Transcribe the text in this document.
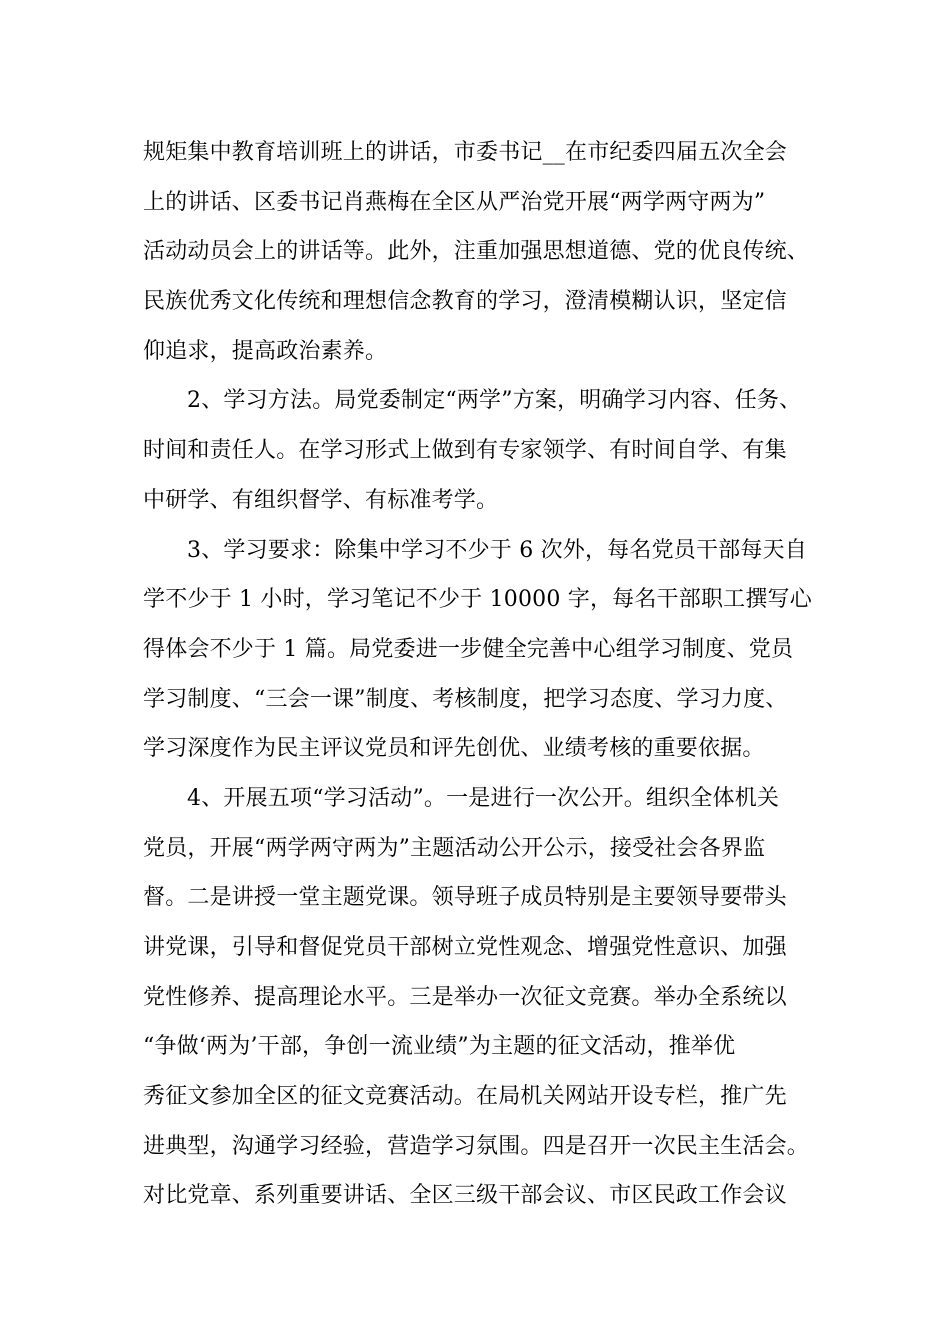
规矩集中教育培训班上的讲话，市委书记__在市纪委四届五次全会
上的讲话、区委书记肖燕梅在全区从严治党开展“两学两守两为”
活动动员会上的讲话等。此外，注重加强思想道德、党的优良传统、
民族优秀文化传统和理想信念教育的学习，澄清模糊认识，坚定信
仰追求，提高政治素养。
2、学习方法。局党委制定“两学”方案，明确学习内容、任务、
时间和责任人。在学习形式上做到有专家领学、有时间自学、有集
中研学、有组织督学、有标准考学。
3、学习要求：除集中学习不少于 6 次外，每名党员干部每天自
学不少于 1 小时，学习笔记不少于 10000 字，每名干部职工撰写心
得体会不少于 1 篇。局党委进一步健全完善中心组学习制度、党员
学习制度、“三会一课”制度、考核制度，把学习态度、学习力度、
学习深度作为民主评议党员和评先创优、业绩考核的重要依据。
4、开展五项“学习活动”。一是进行一次公开。组织全体机关
党员，开展“两学两守两为”主题活动公开公示，接受社会各界监
督。二是讲授一堂主题党课。领导班子成员特别是主要领导要带头
讲党课，引导和督促党员干部树立党性观念、增强党性意识、加强
党性修养、提高理论水平。三是举办一次征文竞赛。举办全系统以
“争做‘两为’干部，争创一流业绩”为主题的征文活动，推举优
秀征文参加全区的征文竞赛活动。在局机关网站开设专栏，推广先
进典型，沟通学习经验，营造学习氛围。四是召开一次民主生活会。
对比党章、系列重要讲话、全区三级干部会议、市区民政工作会议
